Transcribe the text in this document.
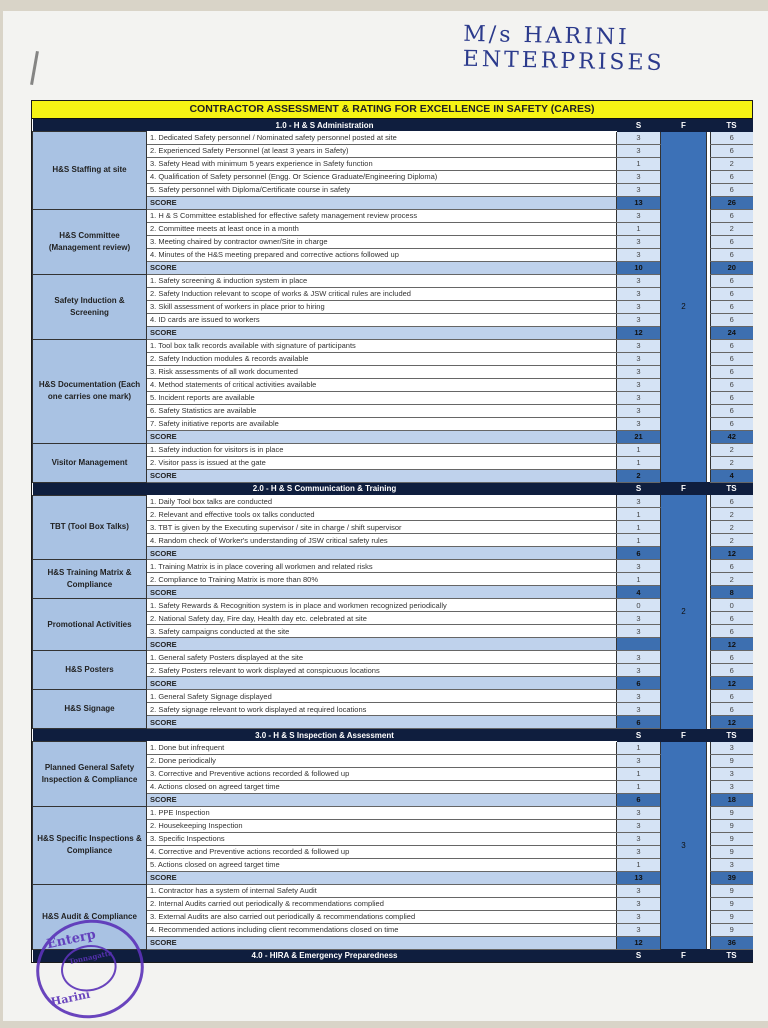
M/s HARINI ENTERPRISES
CONTRACTOR ASSESSMENT & RATING FOR EXCELLENCE IN SAFETY (CARES)
1.0 - H & S Administration		S	F		TS
H&S Staffing at site	1. Dedicated Safety personnel / Nominated safety personnel posted at site	3	2		6
	2. Experienced Safety Personnel (at least 3 years in Safety)	3			6
	3. Safety Head with minimum 5 years experience in Safety function	1			2
	4. Qualification of Safety personnel (Engg. Or Science Graduate/Engineering Diploma)	3			6
	5. Safety personnel with Diploma/Certificate course in safety	3			6
	SCORE	13			26
H&S Committee (Management review)	1. H & S Committee established for effective safety management review process	3			6
	2. Committee meets at least once in a month	1			2
	3. Meeting chaired by contractor owner/Site in charge	3			6
	4. Minutes of the H&S meeting prepared and corrective actions followed up	3			6
	SCORE	10			20
Safety Induction & Screening	1. Safety screening & induction system in place	3			6
	2. Safety Induction relevant to scope of works & JSW critical rules are included	3			6
	3. Skill assessment of workers in place prior to hiring	3			6
	4. ID cards are issued to workers	3			6
	SCORE	12			24
H&S Documentation (Each one carries one mark)	1. Tool box talk records available with signature of participants	3			6
	2. Safety Induction modules & records available	3			6
	3. Risk assessments of all work documented	3			6
	4. Method statements of critical activities available	3			6
	5. Incident reports are available	3			6
	6. Safety Statistics are available	3			6
	7. Safety initiative reports are available	3			6
	SCORE	21			42
Visitor Management	1. Safety induction for visitors is in place	1			2
	2. Visitor pass is issued at the gate	1			2
	SCORE	2			4
2.0 - H & S Communication & Training		S	F		TS
TBT (Tool Box Talks)	1. Daily Tool box talks are conducted	3	2		6
	2. Relevant and effective tools ox talks conducted	1			2
	3. TBT is given by the Executing supervisor / site in charge / shift supervisor	1			2
	4. Random check of Worker's understanding of JSW critical safety rules	1			2
	SCORE	6			12
H&S Training Matrix & Compliance	1. Training Matrix is in place covering all workmen and related risks	3			6
	2. Compliance to Training Matrix is more than 80%	1			2
	SCORE	4			8
Promotional Activities	1. Safety Rewards & Recognition system is in place and workmen recognized periodically	0			0
	2. National Safety day, Fire day, Health day etc. celebrated at site	3			6
	3. Safety campaigns conducted at the site	3			6
	SCORE				12
H&S Posters	1. General safety Posters displayed at the site	3			6
	2. Safety Posters relevant to work displayed at conspicuous locations	3			6
	SCORE	6			12
H&S Signage	1. General Safety Signage displayed	3			6
	2. Safety signage relevant to work displayed at required locations	3			6
	SCORE	6			12
3.0 - H & S Inspection & Assessment		S	F		TS
Planned General Safety Inspection & Compliance	1. Done but infrequent	1	3		3
	2. Done periodically	3			9
	3. Corrective and Preventive actions recorded & followed up	1			3
	4. Actions closed on agreed target time	1			3
	SCORE	6			18
H&S Specific Inspections & Compliance	1. PPE Inspection	3			9
	2. Housekeeping Inspection	3			9
	3. Specific Inspections	3			9
	4. Corrective and Preventive actions recorded & followed up	3			9
	5. Actions closed on agreed target time	1			3
	SCORE	13			39
H&S Audit & Compliance	1. Contractor has a system of internal Safety Audit	3			9
	2. Internal Audits carried out periodically & recommendations complied	3			9
	3. External Audits are also carried out periodically & recommendations complied	3			9
	4. Recommended actions including client recommendations closed on time	3			9
	SCORE	12			36
4.0 - HIRA & Emergency Preparedness		S	F		TS
Enterp
Tonnagatta
Harini
